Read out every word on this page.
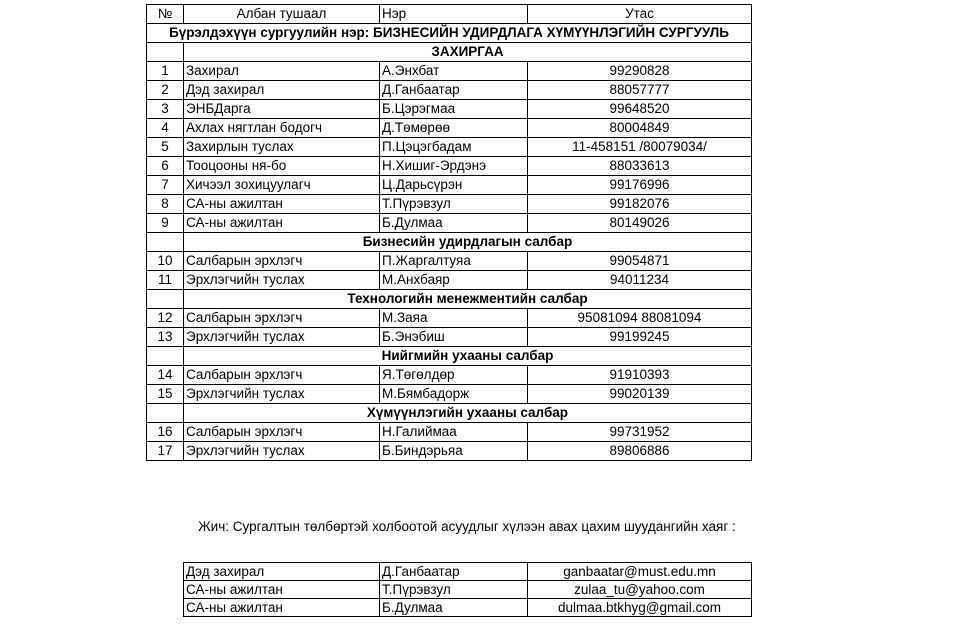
№	Албан тушаал	Нэр	Утас
Бүрэлдэхүүн сургуулийн нэр: БИЗНЕСИЙН УДИРДЛАГА ХҮМҮҮНЛЭГИЙН СУРГУУЛЬ			
	ЗАХИРГАА		
1	Захирал	А.Энхбат	99290828
2	Дэд захирал	Д.Ганбаатар	88057777
3	ЭНБДарга	Б.Цэрэгмаа	99648520
4	Ахлах нягтлан бодогч	Д.Төмөрөө	80004849
5	Захирлын туслах	П.Цэцэгбадам	11-458151 /80079034/
6	Тооцооны ня-бо	Н.Хишиг-Эрдэнэ	88033613
7	Хичээл зохицуулагч	Ц.Дарьсүрэн	99176996
8	СА-ны ажилтан	Т.Пүрэвзул	99182076
9	СА-ны ажилтан	Б.Дулмаа	80149026
	Бизнесийн удирдлагын салбар		
10	Салбарын эрхлэгч	П.Жаргалтуяа	99054871
11	Эрхлэгчийн туслах	М.Анхбаяр	94011234
	Технологийн менежментийн салбар		
12	Салбарын эрхлэгч	М.Заяа	95081094 88081094
13	Эрхлэгчийн туслах	Б.Энэбиш	99199245
	Нийгмийн ухааны салбар		
14	Салбарын эрхлэгч	Я.Төгөлдөр	91910393
15	Эрхлэгчийн туслах	М.Бямбадорж	99020139
	Хүмүүнлэгийн ухааны салбар		
16	Салбарын эрхлэгч	Н.Галиймаа	99731952
17	Эрхлэгчийн туслах	Б.Биндэрьяа	89806886
Жич: Сургалтын төлбөртэй холбоотой асуудлыг хүлээн авах цахим шуудангийн хаяг :
Дэд захирал	Д.Ганбаатар	ganbaatar@must.edu.mn
СА-ны ажилтан	Т.Пүрэвзул	zulaa_tu@yahoo.com
СА-ны ажилтан	Б.Дулмаа	dulmaa.btkhyg@gmail.com
